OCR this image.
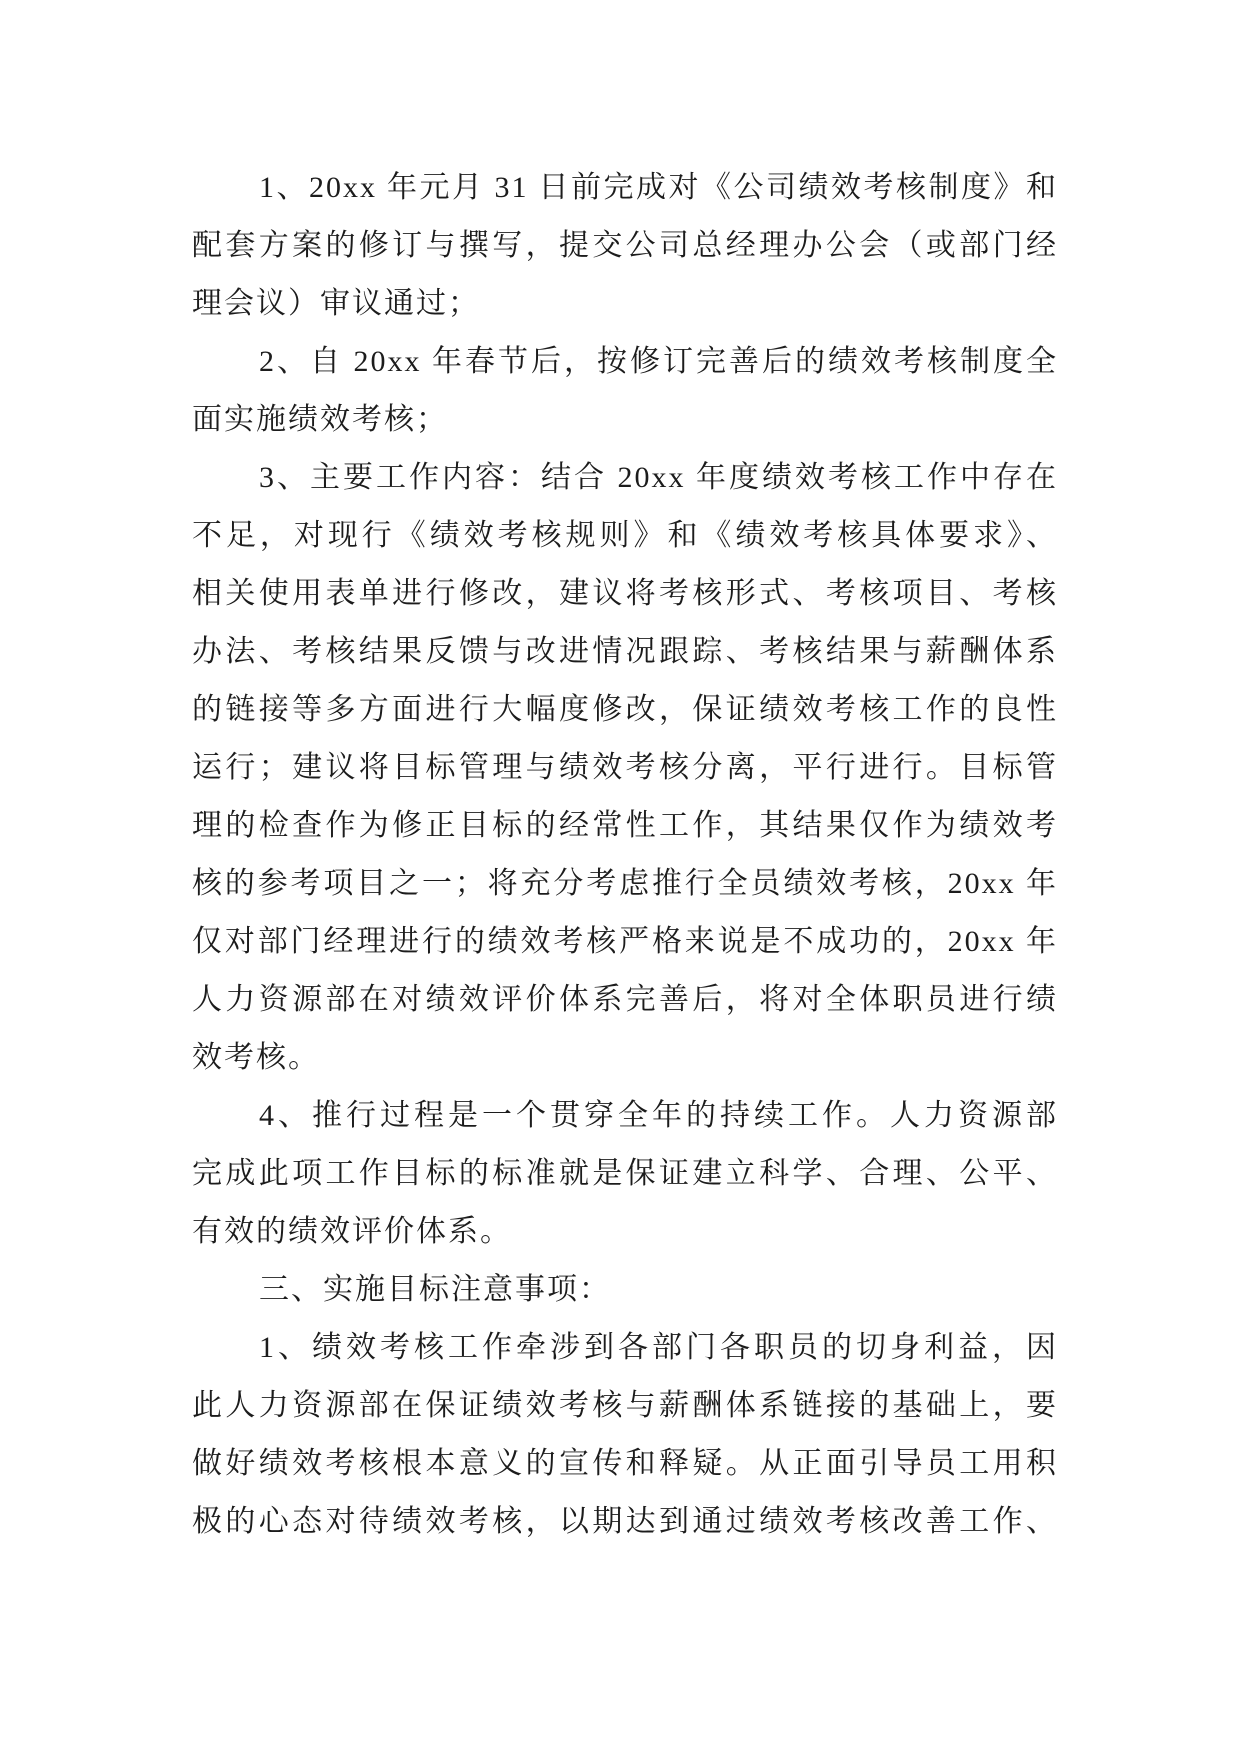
1、20xx 年元月 31 日前完成对《公司绩效考核制度》和
配套方案的修订与撰写，提交公司总经理办公会（或部门经
理会议）审议通过；
2、自 20xx 年春节后，按修订完善后的绩效考核制度全
面实施绩效考核；
3、主要工作内容：结合 20xx 年度绩效考核工作中存在
不足，对现行《绩效考核规则》和《绩效考核具体要求》、
相关使用表单进行修改，建议将考核形式、考核项目、考核
办法、考核结果反馈与改进情况跟踪、考核结果与薪酬体系
的链接等多方面进行大幅度修改，保证绩效考核工作的良性
运行；建议将目标管理与绩效考核分离，平行进行。目标管
理的检查作为修正目标的经常性工作，其结果仅作为绩效考
核的参考项目之一；将充分考虑推行全员绩效考核，20xx 年
仅对部门经理进行的绩效考核严格来说是不成功的，20xx 年
人力资源部在对绩效评价体系完善后，将对全体职员进行绩
效考核。
4、推行过程是一个贯穿全年的持续工作。人力资源部
完成此项工作目标的标准就是保证建立科学、合理、公平、
有效的绩效评价体系。
三、实施目标注意事项：
1、绩效考核工作牵涉到各部门各职员的切身利益，因
此人力资源部在保证绩效考核与薪酬体系链接的基础上，要
做好绩效考核根本意义的宣传和释疑。从正面引导员工用积
极的心态对待绩效考核，以期达到通过绩效考核改善工作、
